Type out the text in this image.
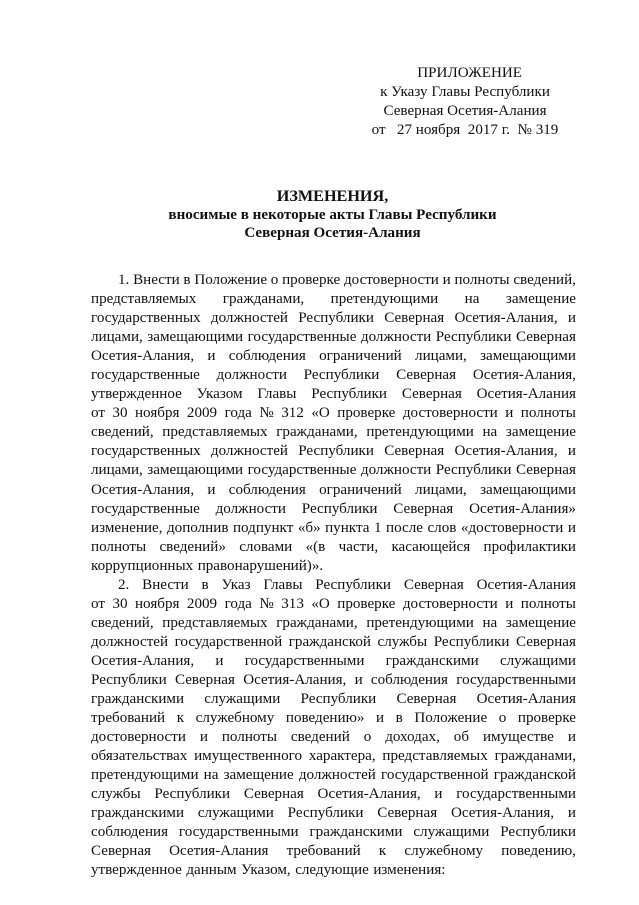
ПРИЛОЖЕНИЕ
к Указу Главы Республики
Северная Осетия-Алания
от   27 ноября  2017 г.  № 319
ИЗМЕНЕНИЯ,
вносимые в некоторые акты Главы Республики
Северная Осетия-Алания
1. Внести в Положение о проверке достоверности и полноты сведений,
представляемых гражданами, претендующими на замещение
государственных должностей Республики Северная Осетия-Алания, и
лицами, замещающими государственные должности Республики Северная
Осетия-Алания, и соблюдения ограничений лицами, замещающими
государственные должности Республики Северная Осетия-Алания,
утвержденное Указом Главы Республики Северная Осетия-Алания
от 30 ноября 2009 года № 312 «О проверке достоверности и полноты
сведений, представляемых гражданами, претендующими на замещение
государственных должностей Республики Северная Осетия-Алания, и
лицами, замещающими государственные должности Республики Северная
Осетия-Алания, и соблюдения ограничений лицами, замещающими
государственные должности Республики Северная Осетия-Алания»
изменение, дополнив подпункт «б» пункта 1 после слов «достоверности и
полноты сведений» словами «(в части, касающейся профилактики
коррупционных правонарушений)».
2. Внести в Указ Главы Республики Северная Осетия-Алания
от 30 ноября 2009 года № 313 «О проверке достоверности и полноты
сведений, представляемых гражданами, претендующими на замещение
должностей государственной гражданской службы Республики Северная
Осетия-Алания, и государственными гражданскими служащими
Республики Северная Осетия-Алания, и соблюдения государственными
гражданскими служащими Республики Северная Осетия-Алания
требований к служебному поведению» и в Положение о проверке
достоверности и полноты сведений о доходах, об имуществе и
обязательствах имущественного характера, представляемых гражданами,
претендующими на замещение должностей государственной гражданской
службы Республики Северная Осетия-Алания, и государственными
гражданскими служащими Республики Северная Осетия-Алания, и
соблюдения государственными гражданскими служащими Республики
Северная Осетия-Алания требований к служебному поведению,
утвержденное данным Указом, следующие изменения:
